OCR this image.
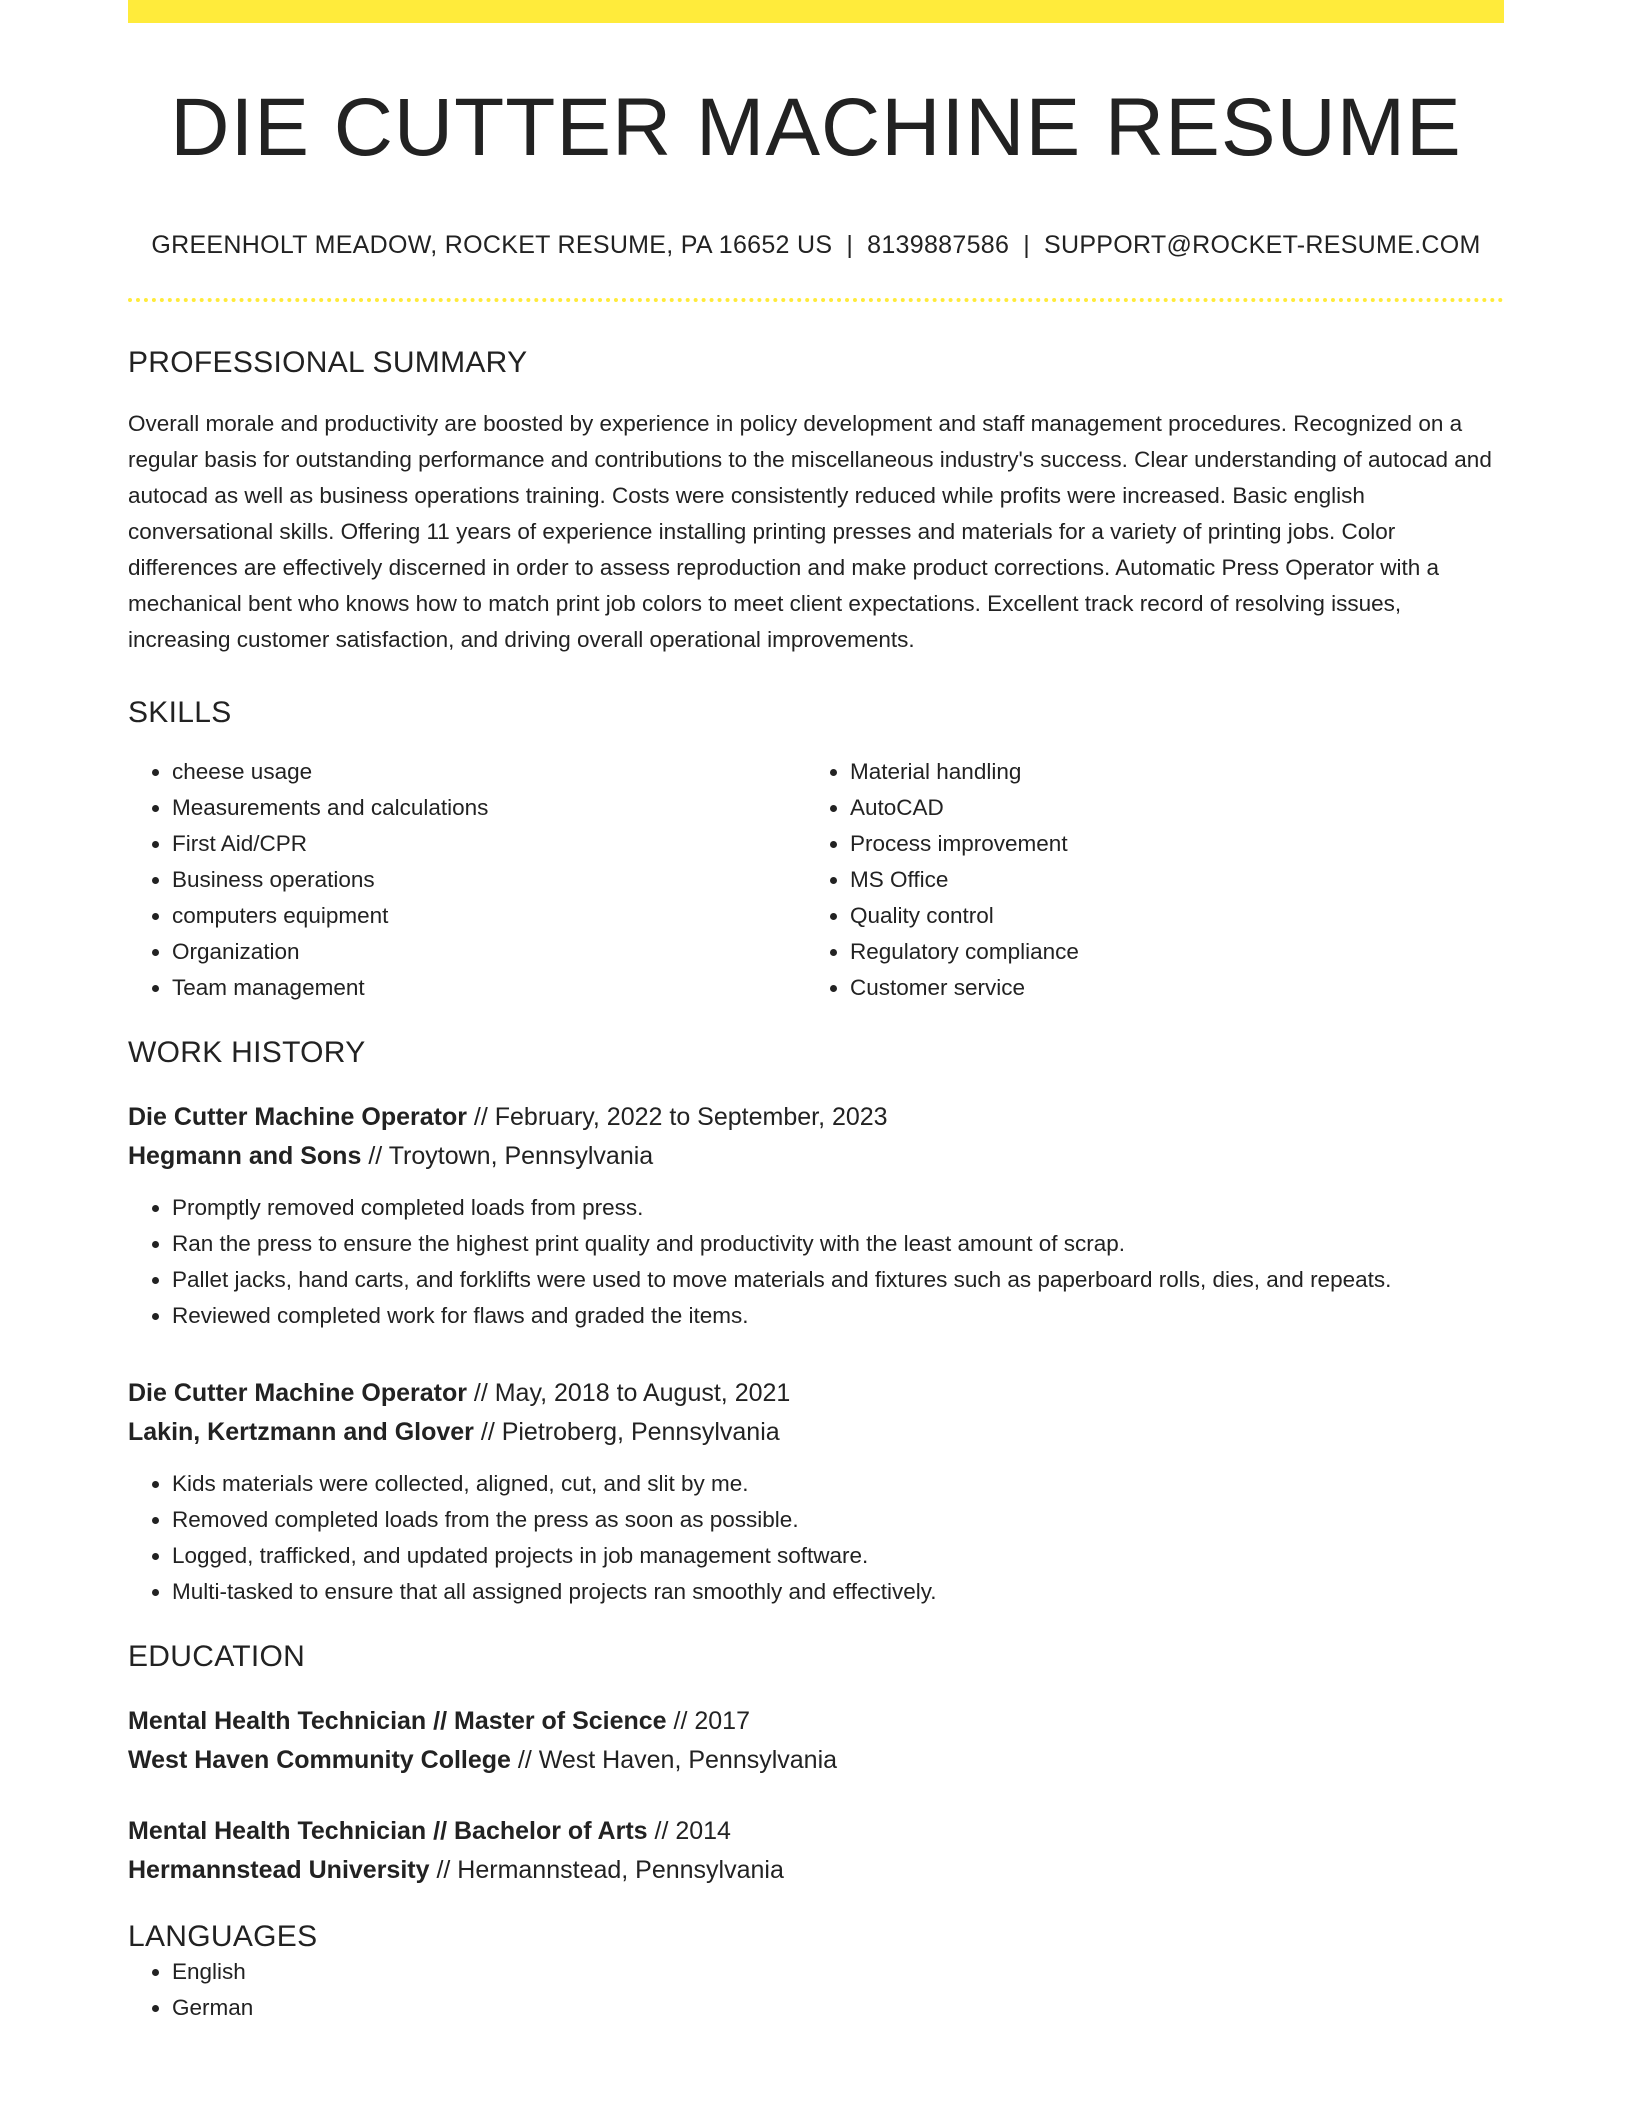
DIE CUTTER MACHINE RESUME
GREENHOLT MEADOW, ROCKET RESUME, PA 16652 US | 8139887586 | SUPPORT@ROCKET-RESUME.COM
PROFESSIONAL SUMMARY

Overall morale and productivity are boosted by experience in policy development and staff management procedures. Recognized on a regular basis for outstanding performance and contributions to the miscellaneous industry's success. Clear understanding of autocad and autocad as well as business operations training. Costs were consistently reduced while profits were increased. Basic english conversational skills. Offering 11 years of experience installing printing presses and materials for a variety of printing jobs. Color differences are effectively discerned in order to assess reproduction and make product corrections. Automatic Press Operator with a mechanical bent who knows how to match print job colors to meet client expectations. Excellent track record of resolving issues, increasing customer satisfaction, and driving overall operational improvements.

SKILLS
• cheese usage
• Measurements and calculations
• First Aid/CPR
• Business operations
• computers equipment
• Organization
• Team management
• Material handling
• AutoCAD
• Process improvement
• MS Office
• Quality control
• Regulatory compliance
• Customer service
WORK HISTORY
Die Cutter Machine Operator // February, 2022 to September, 2023
Hegmann and Sons // Troytown, Pennsylvania
• Promptly removed completed loads from press.
• Ran the press to ensure the highest print quality and productivity with the least amount of scrap.
• Pallet jacks, hand carts, and forklifts were used to move materials and fixtures such as paperboard rolls, dies, and repeats.
• Reviewed completed work for flaws and graded the items.
Die Cutter Machine Operator // May, 2018 to August, 2021
Lakin, Kertzmann and Glover // Pietroberg, Pennsylvania
• Kids materials were collected, aligned, cut, and slit by me.
• Removed completed loads from the press as soon as possible.
• Logged, trafficked, and updated projects in job management software.
• Multi-tasked to ensure that all assigned projects ran smoothly and effectively.
EDUCATION
Mental Health Technician // Master of Science // 2017
West Haven Community College // West Haven, Pennsylvania
Mental Health Technician // Bachelor of Arts // 2014
Hermannstead University // Hermannstead, Pennsylvania
LANGUAGES
• English
• German
